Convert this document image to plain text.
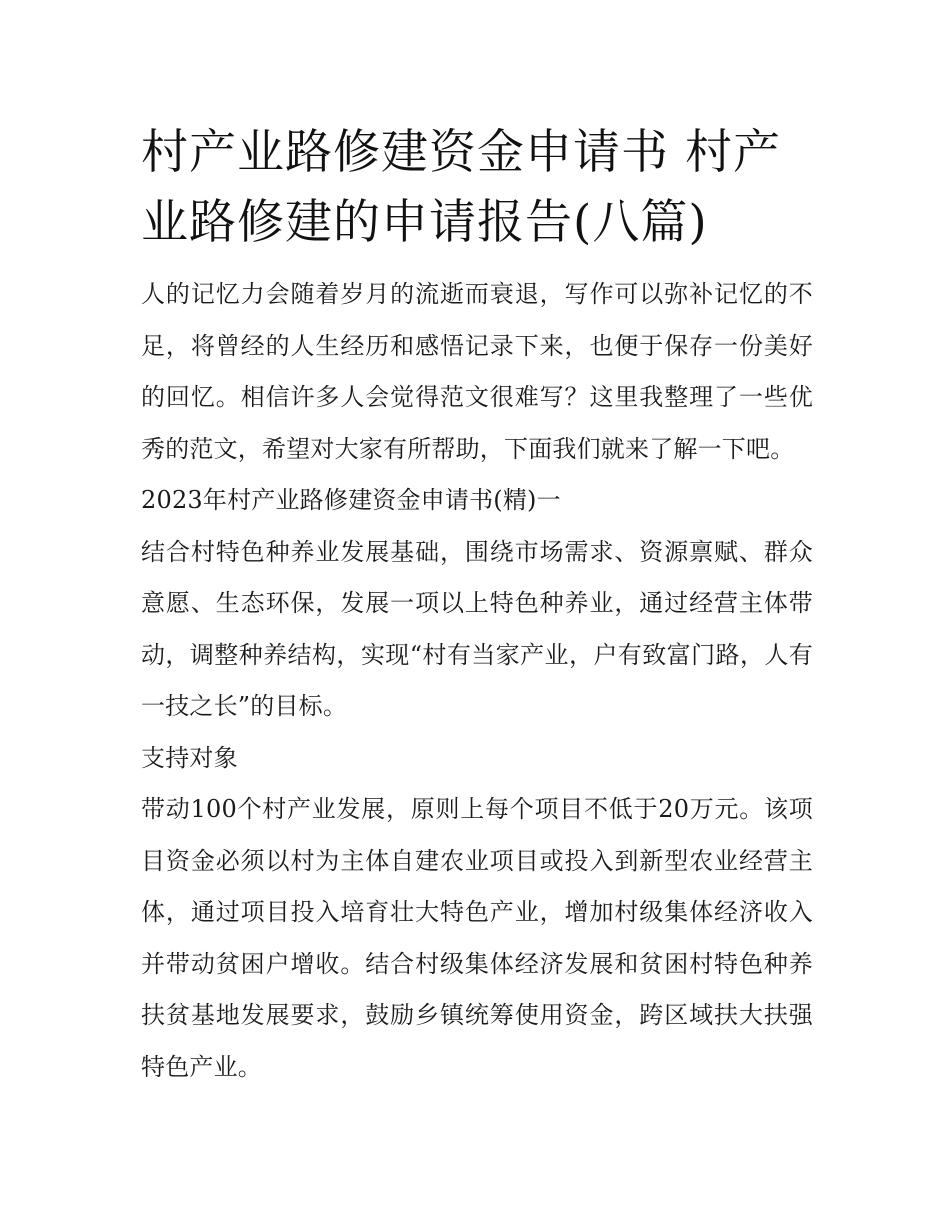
村产业路修建资金申请书 村产业路修建的申请报告(八篇)

人的记忆力会随着岁月的流逝而衰退，写作可以弥补记忆的不足，将曾经的人生经历和感悟记录下来，也便于保存一份美好的回忆。相信许多人会觉得范文很难写？这里我整理了一些优秀的范文，希望对大家有所帮助，下面我们就来了解一下吧。

2023年村产业路修建资金申请书(精)一

结合村特色种养业发展基础，围绕市场需求、资源禀赋、群众意愿、生态环保，发展一项以上特色种养业，通过经营主体带动，调整种养结构，实现“村有当家产业，户有致富门路，人有一技之长”的目标。

支持对象

带动100个村产业发展，原则上每个项目不低于20万元。该项目资金必须以村为主体自建农业项目或投入到新型农业经营主体，通过项目投入培育壮大特色产业，增加村级集体经济收入并带动贫困户增收。结合村级集体经济发展和贫困村特色种养扶贫基地发展要求，鼓励乡镇统筹使用资金，跨区域扶大扶强特色产业。
